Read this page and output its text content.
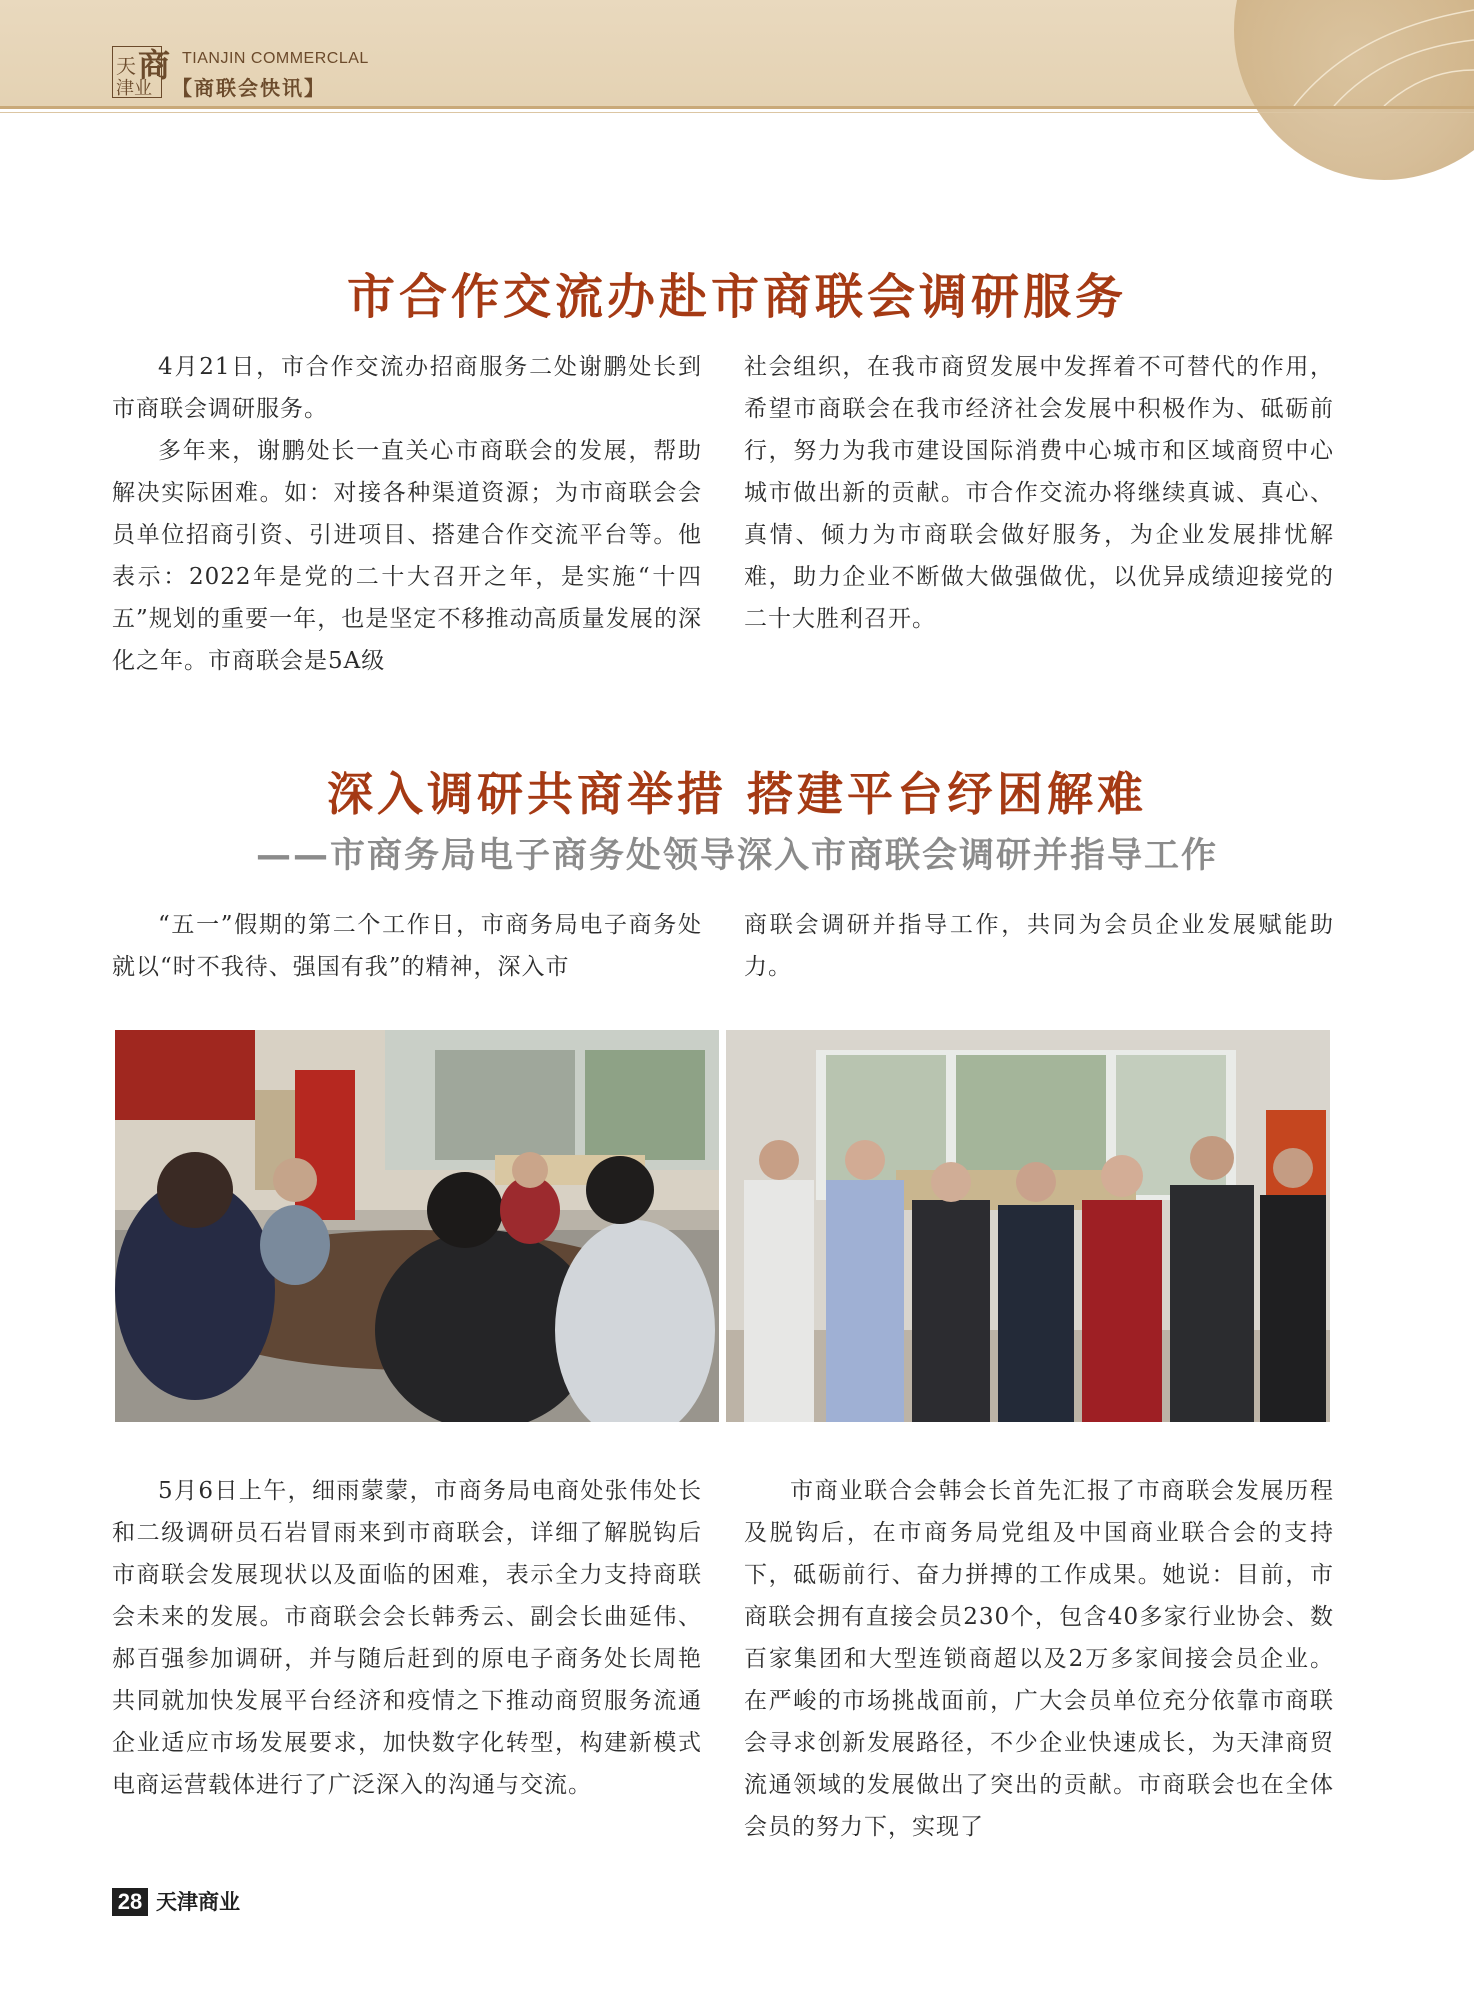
天
津业
商 TIANJIN COMMERCLAL
【商联会快讯】
市合作交流办赴市商联会调研服务

4月21日，市合作交流办招商服务二处谢鹏处长到市商联会调研服务。

多年来，谢鹏处长一直关心市商联会的发展，帮助解决实际困难。如：对接各种渠道资源；为市商联会会员单位招商引资、引进项目、搭建合作交流平台等。他表示：2022年是党的二十大召开之年，是实施“十四五”规划的重要一年，也是坚定不移推动高质量发展的深化之年。市商联会是5A级

社会组织，在我市商贸发展中发挥着不可替代的作用，希望市商联会在我市经济社会发展中积极作为、砥砺前行，努力为我市建设国际消费中心城市和区域商贸中心城市做出新的贡献。市合作交流办将继续真诚、真心、真情、倾力为市商联会做好服务，为企业发展排忧解难，助力企业不断做大做强做优，以优异成绩迎接党的二十大胜利召开。

深入调研共商举措 搭建平台纾困解难
——市商务局电子商务处领导深入市商联会调研并指导工作

“五一”假期的第二个工作日，市商务局电子商务处就以“时不我待、强国有我”的精神，深入市

商联会调研并指导工作，共同为会员企业发展赋能助力。

5月6日上午，细雨蒙蒙，市商务局电商处张伟处长和二级调研员石岩冒雨来到市商联会，详细了解脱钩后市商联会发展现状以及面临的困难，表示全力支持商联会未来的发展。市商联会会长韩秀云、副会长曲延伟、郝百强参加调研，并与随后赶到的原电子商务处长周艳共同就加快发展平台经济和疫情之下推动商贸服务流通企业适应市场发展要求，加快数字化转型，构建新模式电商运营载体进行了广泛深入的沟通与交流。

市商业联合会韩会长首先汇报了市商联会发展历程及脱钩后，在市商务局党组及中国商业联合会的支持下，砥砺前行、奋力拼搏的工作成果。她说：目前，市商联会拥有直接会员230个，包含40多家行业协会、数百家集团和大型连锁商超以及2万多家间接会员企业。在严峻的市场挑战面前，广大会员单位充分依靠市商联会寻求创新发展路径，不少企业快速成长，为天津商贸流通领域的发展做出了突出的贡献。市商联会也在全体会员的努力下，实现了

28 天津商业
